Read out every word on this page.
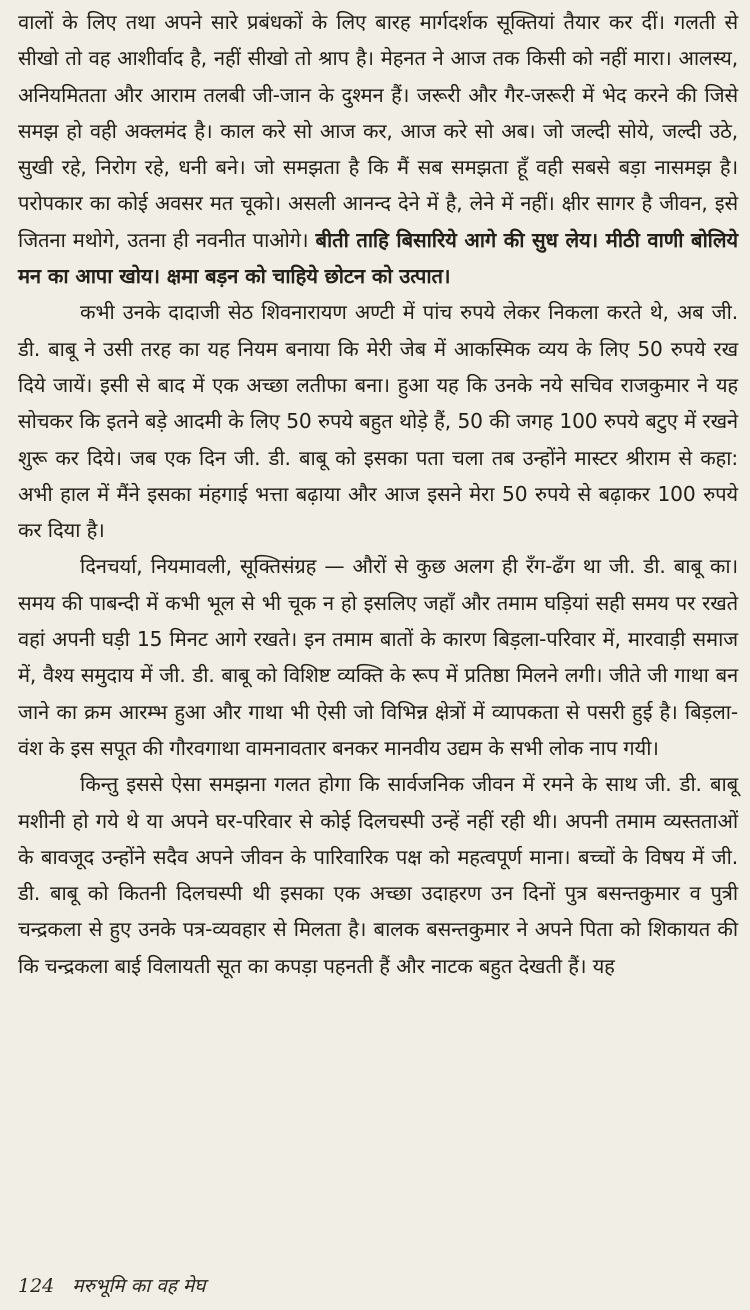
वालों के लिए तथा अपने सारे प्रबंधकों के लिए बारह मार्गदर्शक सूक्तियां तैयार कर दीं। गलती से सीखो तो वह आशीर्वाद है, नहीं सीखो तो श्राप है। मेहनत ने आज तक किसी को नहीं मारा। आलस्य, अनियमितता और आराम तलबी जी-जान के दुश्मन हैं। जरूरी और गैर-जरूरी में भेद करने की जिसे समझ हो वही अक्लमंद है। काल करे सो आज कर, आज करे सो अब। जो जल्दी सोये, जल्दी उठे, सुखी रहे, निरोग रहे, धनी बने। जो समझता है कि मैं सब समझता हूँ वही सबसे बड़ा नासमझ है। परोपकार का कोई अवसर मत चूको। असली आनन्द देने में है, लेने में नहीं। क्षीर सागर है जीवन, इसे जितना मथोगे, उतना ही नवनीत पाओगे। बीती ताहि बिसारिये आगे की सुध लेय। मीठी वाणी बोलिये मन का आपा खोय। क्षमा बड़न को चाहिये छोटन को उत्पात।

कभी उनके दादाजी सेठ शिवनारायण अण्टी में पांच रुपये लेकर निकला करते थे, अब जी. डी. बाबू ने उसी तरह का यह नियम बनाया कि मेरी जेब में आकस्मिक व्यय के लिए 50 रुपये रख दिये जायें। इसी से बाद में एक अच्छा लतीफा बना। हुआ यह कि उनके नये सचिव राजकुमार ने यह सोचकर कि इतने बड़े आदमी के लिए 50 रुपये बहुत थोड़े हैं, 50 की जगह 100 रुपये बटुए में रखने शुरू कर दिये। जब एक दिन जी. डी. बाबू को इसका पता चला तब उन्होंने मास्टर श्रीराम से कहा: अभी हाल में मैंने इसका मंहगाई भत्ता बढ़ाया और आज इसने मेरा 50 रुपये से बढ़ाकर 100 रुपये कर दिया है।

दिनचर्या, नियमावली, सूक्तिसंग्रह — औरों से कुछ अलग ही रँग-ढँग था जी. डी. बाबू का। समय की पाबन्दी में कभी भूल से भी चूक न हो इसलिए जहाँ और तमाम घड़ियां सही समय पर रखते वहां अपनी घड़ी 15 मिनट आगे रखते। इन तमाम बातों के कारण बिड़ला-परिवार में, मारवाड़ी समाज में, वैश्य समुदाय में जी. डी. बाबू को विशिष्ट व्यक्ति के रूप में प्रतिष्ठा मिलने लगी। जीते जी गाथा बन जाने का क्रम आरम्भ हुआ और गाथा भी ऐसी जो विभिन्न क्षेत्रों में व्यापकता से पसरी हुई है। बिड़ला-वंश के इस सपूत की गौरवगाथा वामनावतार बनकर मानवीय उद्यम के सभी लोक नाप गयी।

किन्तु इससे ऐसा समझना गलत होगा कि सार्वजनिक जीवन में रमने के साथ जी. डी. बाबू मशीनी हो गये थे या अपने घर-परिवार से कोई दिलचस्पी उन्हें नहीं रही थी। अपनी तमाम व्यस्तताओं के बावजूद उन्होंने सदैव अपने जीवन के पारिवारिक पक्ष को महत्वपूर्ण माना। बच्चों के विषय में जी. डी. बाबू को कितनी दिलचस्पी थी इसका एक अच्छा उदाहरण उन दिनों पुत्र बसन्तकुमार व पुत्री चन्द्रकला से हुए उनके पत्र-व्यवहार से मिलता है। बालक बसन्तकुमार ने अपने पिता को शिकायत की कि चन्द्रकला बाई विलायती सूत का कपड़ा पहनती हैं और नाटक बहुत देखती हैं। यह

124 मरुभूमि का वह मेघ
